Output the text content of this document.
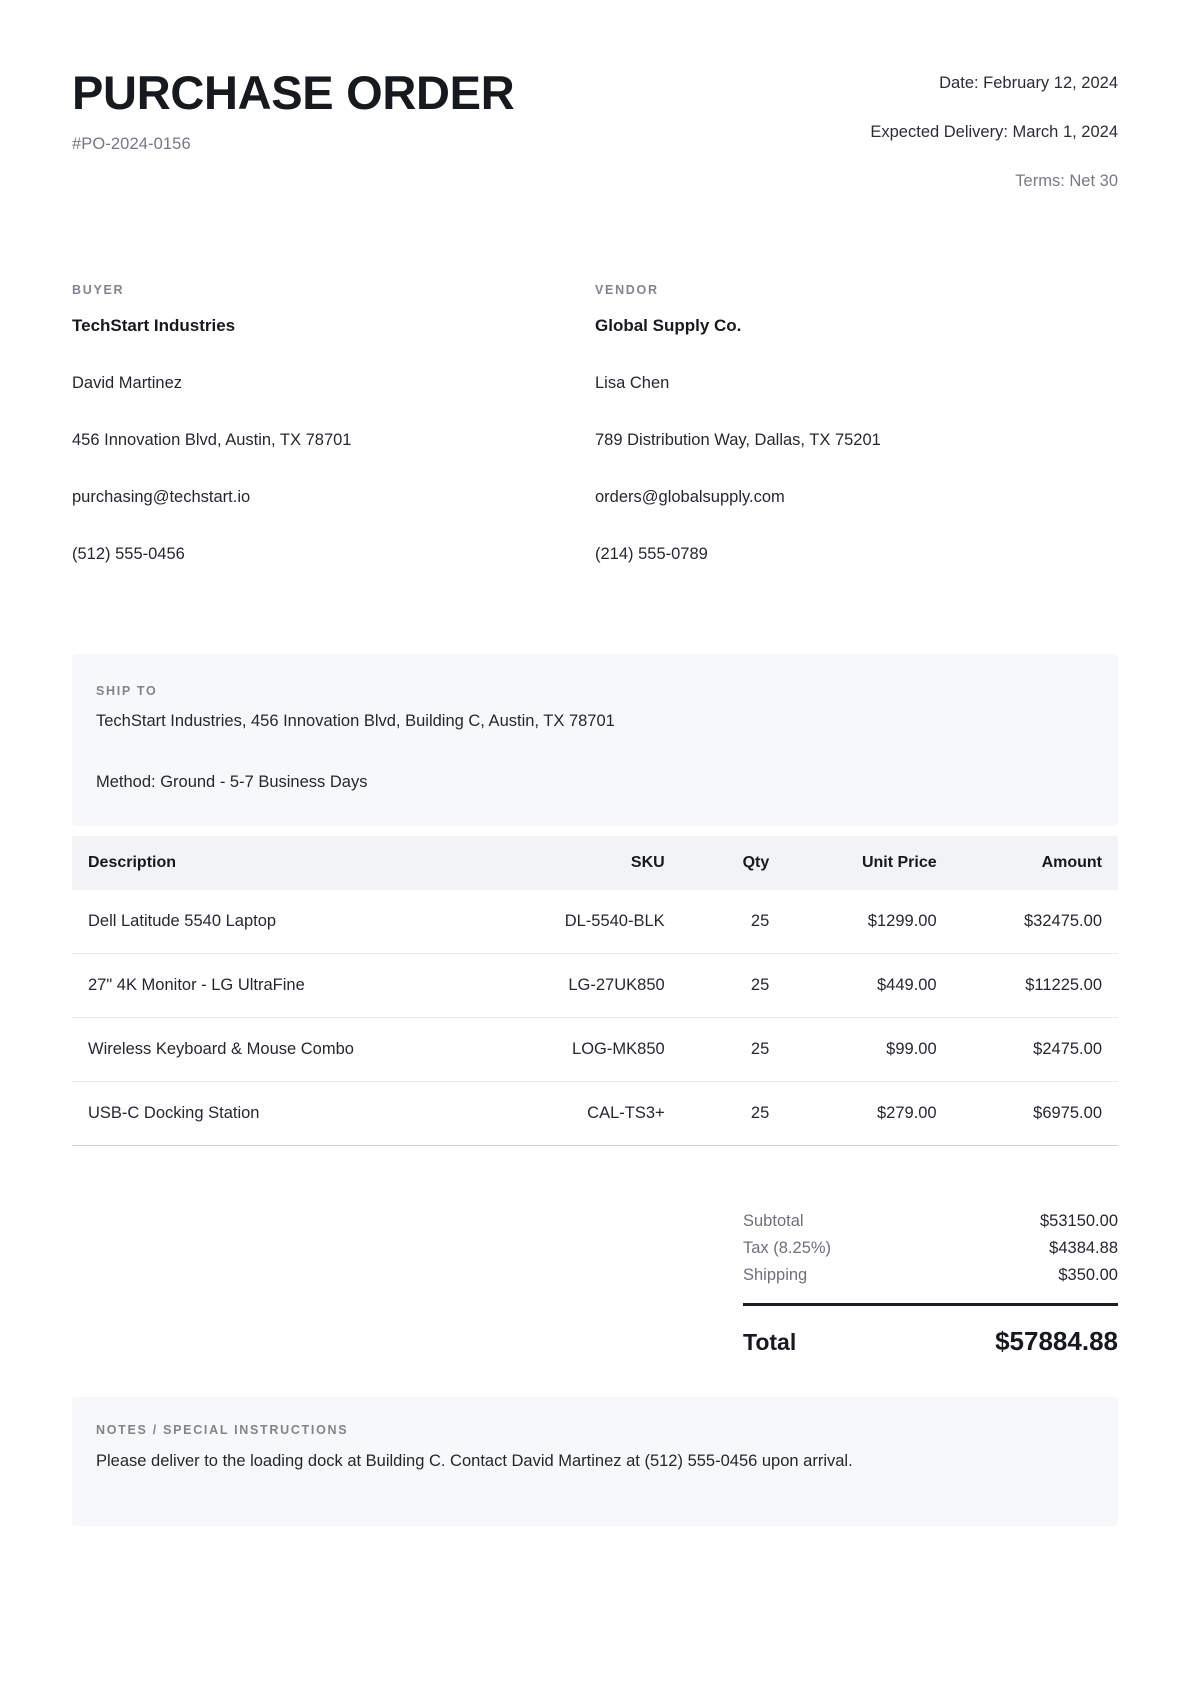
PURCHASE ORDER
#PO-2024-0156
Date: February 12, 2024
Expected Delivery: March 1, 2024
Terms: Net 30
BUYER
TechStart Industries
David Martinez
456 Innovation Blvd, Austin, TX 78701
purchasing@techstart.io
(512) 555-0456
VENDOR
Global Supply Co.
Lisa Chen
789 Distribution Way, Dallas, TX 75201
orders@globalsupply.com
(214) 555-0789
SHIP TO
TechStart Industries, 456 Innovation Blvd, Building C, Austin, TX 78701
Method: Ground - 5-7 Business Days
Description	SKU	Qty	Unit Price	Amount
Dell Latitude 5540 Laptop	DL-5540-BLK	25	$1299.00	$32475.00
27" 4K Monitor - LG UltraFine	LG-27UK850	25	$449.00	$11225.00
Wireless Keyboard & Mouse Combo	LOG-MK850	25	$99.00	$2475.00
USB-C Docking Station	CAL-TS3+	25	$279.00	$6975.00
Subtotal	$53150.00
Tax (8.25%)	$4384.88
Shipping	$350.00
Total	$57884.88
NOTES / SPECIAL INSTRUCTIONS
Please deliver to the loading dock at Building C. Contact David Martinez at (512) 555-0456 upon arrival.
